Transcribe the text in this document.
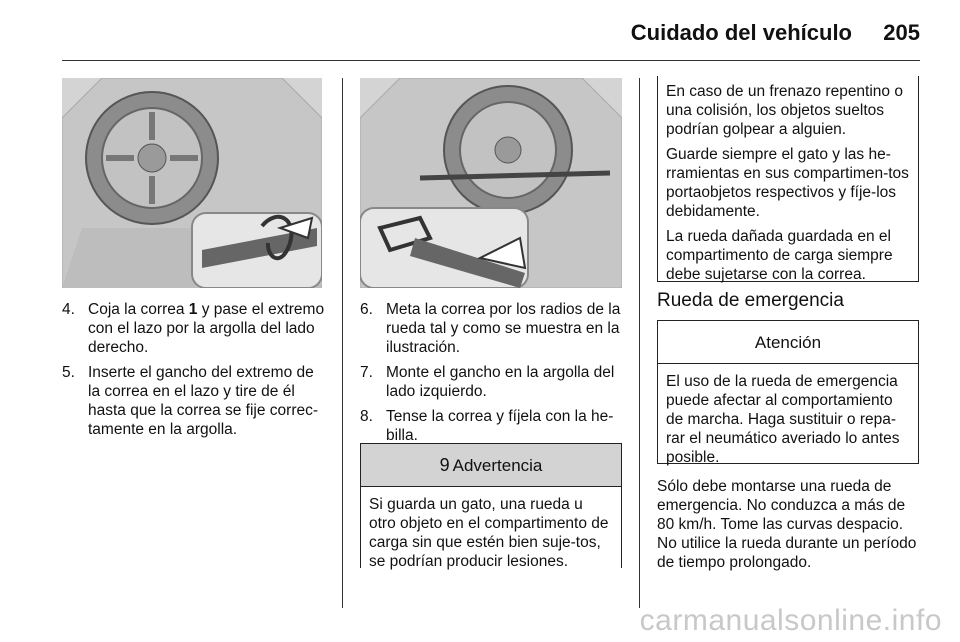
Cuidado del vehículo 205
4. Coja la correa 1 y pase el extremo con el lazo por la argolla del lado derecho.
5. Inserte el gancho del extremo de la correa en el lazo y tire de él hasta que la correa se fije correc-tamente en la argolla.
6. Meta la correa por los radios de la rueda tal y como se muestra en la ilustración.
7. Monte el gancho en la argolla del lado izquierdo.
8. Tense la correa y fíjela con la he-billa.
9 Advertencia

Si guarda un gato, una rueda u otro objeto en el compartimento de carga sin que estén bien suje-tos, se podrían producir lesiones.

En caso de un frenazo repentino o una colisión, los objetos sueltos podrían golpear a alguien.

Guarde siempre el gato y las he-rramientas en sus compartimen-tos portaobjetos respectivos y fíje-los debidamente.

La rueda dañada guardada en el compartimento de carga siempre debe sujetarse con la correa.

Rueda de emergencia
Atención

El uso de la rueda de emergencia puede afectar al comportamiento de marcha. Haga sustituir o repa-rar el neumático averiado lo antes posible.

Sólo debe montarse una rueda de emergencia. No conduzca a más de 80 km/h. Tome las curvas despacio. No utilice la rueda durante un período de tiempo prolongado.

carmanualsonline.info
